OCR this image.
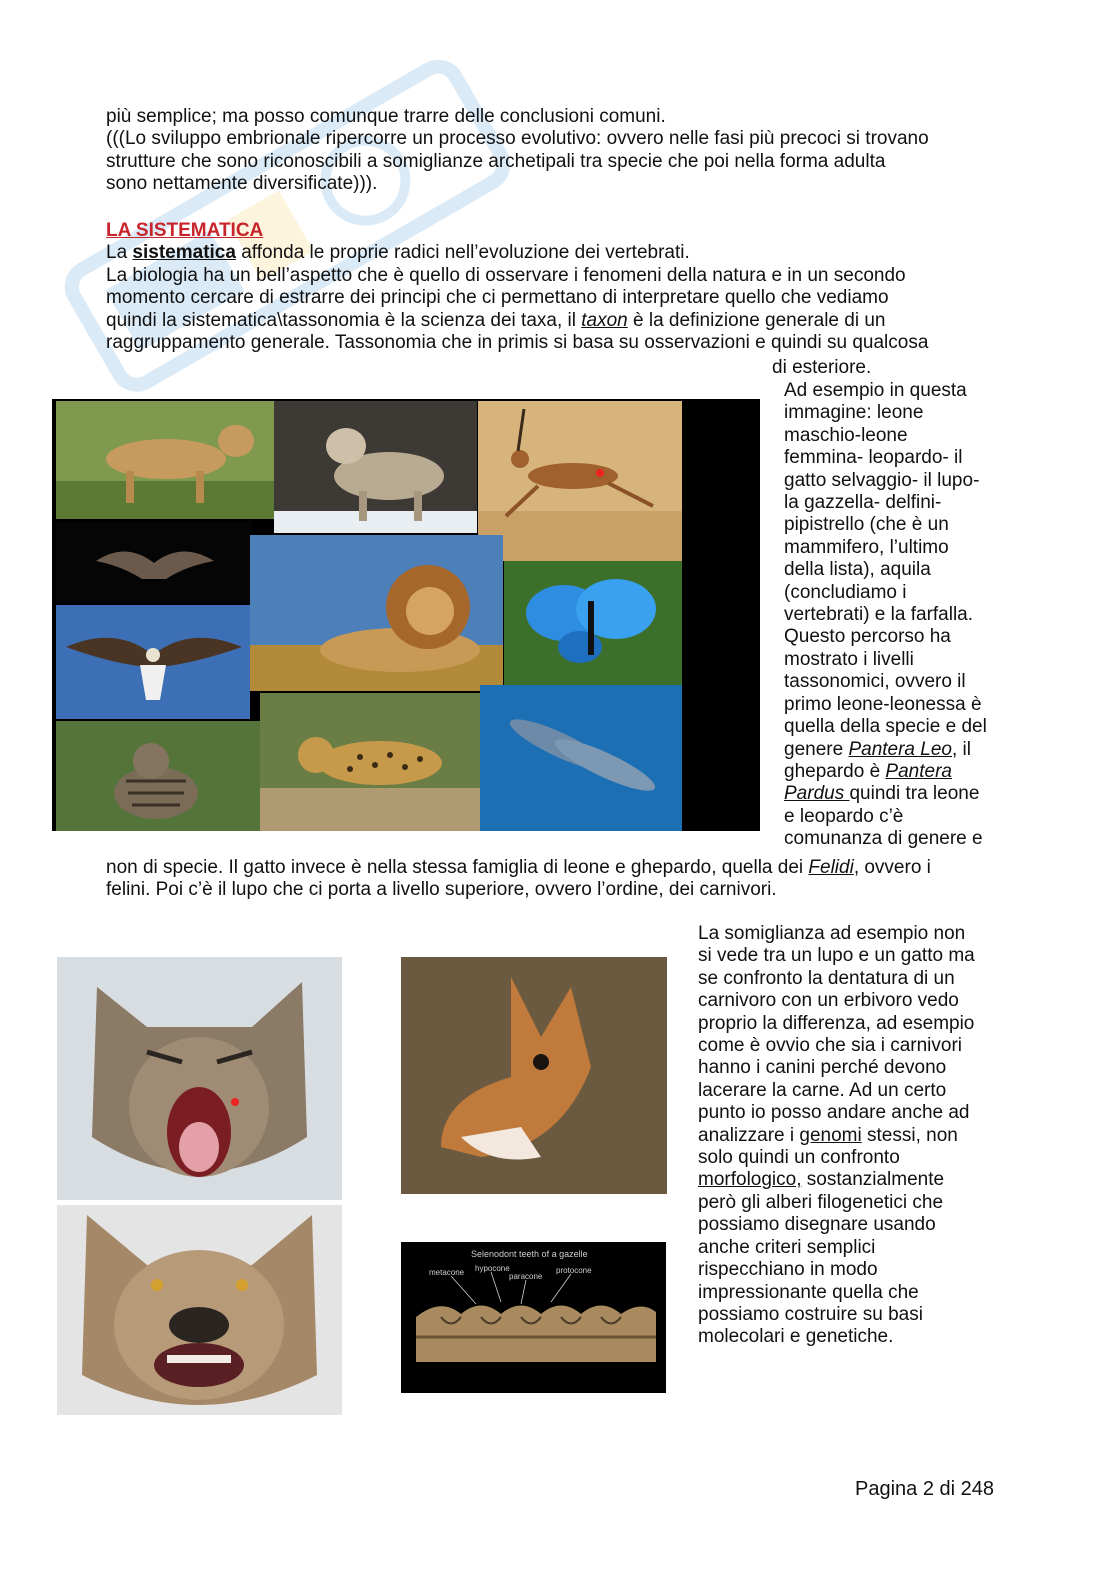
più semplice; ma posso comunque trarre delle conclusioni comuni.

(((Lo sviluppo embrionale ripercorre un processo evolutivo: ovvero nelle fasi più precoci si trovano

strutture che sono riconoscibili a somiglianze archetipali tra specie che poi nella forma adulta

sono nettamente diversificate))).

LA SISTEMATICA

La sistematica affonda le proprie radici nell’evoluzione dei vertebrati.

La biologia ha un bell’aspetto che è quello di osservare i fenomeni della natura e in un secondo

momento cercare di estrarre dei principi che ci permettano di interpretare quello che vediamo

quindi la sistematica\tassonomia è la scienza dei taxa, il taxon è la definizione generale di un

raggruppamento generale. Tassonomia che in primis si basa su osservazioni e quindi su qualcosa

di esteriore.

Ad esempio in questa

immagine: leone

maschio-leone

femmina- leopardo- il

gatto selvaggio- il lupo-

la gazzella- delfini-

pipistrello (che è un

mammifero, l’ultimo

della lista), aquila

(concludiamo i

vertebrati) e la farfalla.

Questo percorso ha

mostrato i livelli

tassonomici, ovvero il

primo leone-leonessa è

quella della specie e del

genere Pantera Leo, il

ghepardo è Pantera

Pardus quindi tra leone

e leopardo c’è

comunanza di genere e

non di specie. Il gatto invece è nella stessa famiglia di leone e ghepardo, quella dei Felidi, ovvero i

felini. Poi c’è il lupo che ci porta a livello superiore, ovvero l’ordine, dei carnivori.

Selenodont teeth of a gazelle
metacone hypocone
paracone
protocone

La somiglianza ad esempio non

si vede tra un lupo e un gatto ma

se confronto la dentatura di un

carnivoro con un erbivoro vedo

proprio la differenza, ad esempio

come è ovvio che sia i carnivori

hanno i canini perché devono

lacerare la carne. Ad un certo

punto io posso andare anche ad

analizzare i genomi stessi, non

solo quindi un confronto

morfologico, sostanzialmente

però gli alberi filogenetici che

possiamo disegnare usando

anche criteri semplici

rispecchiano in modo

impressionante quella che

possiamo costruire su basi

molecolari e genetiche.

Pagina 2 di 248
